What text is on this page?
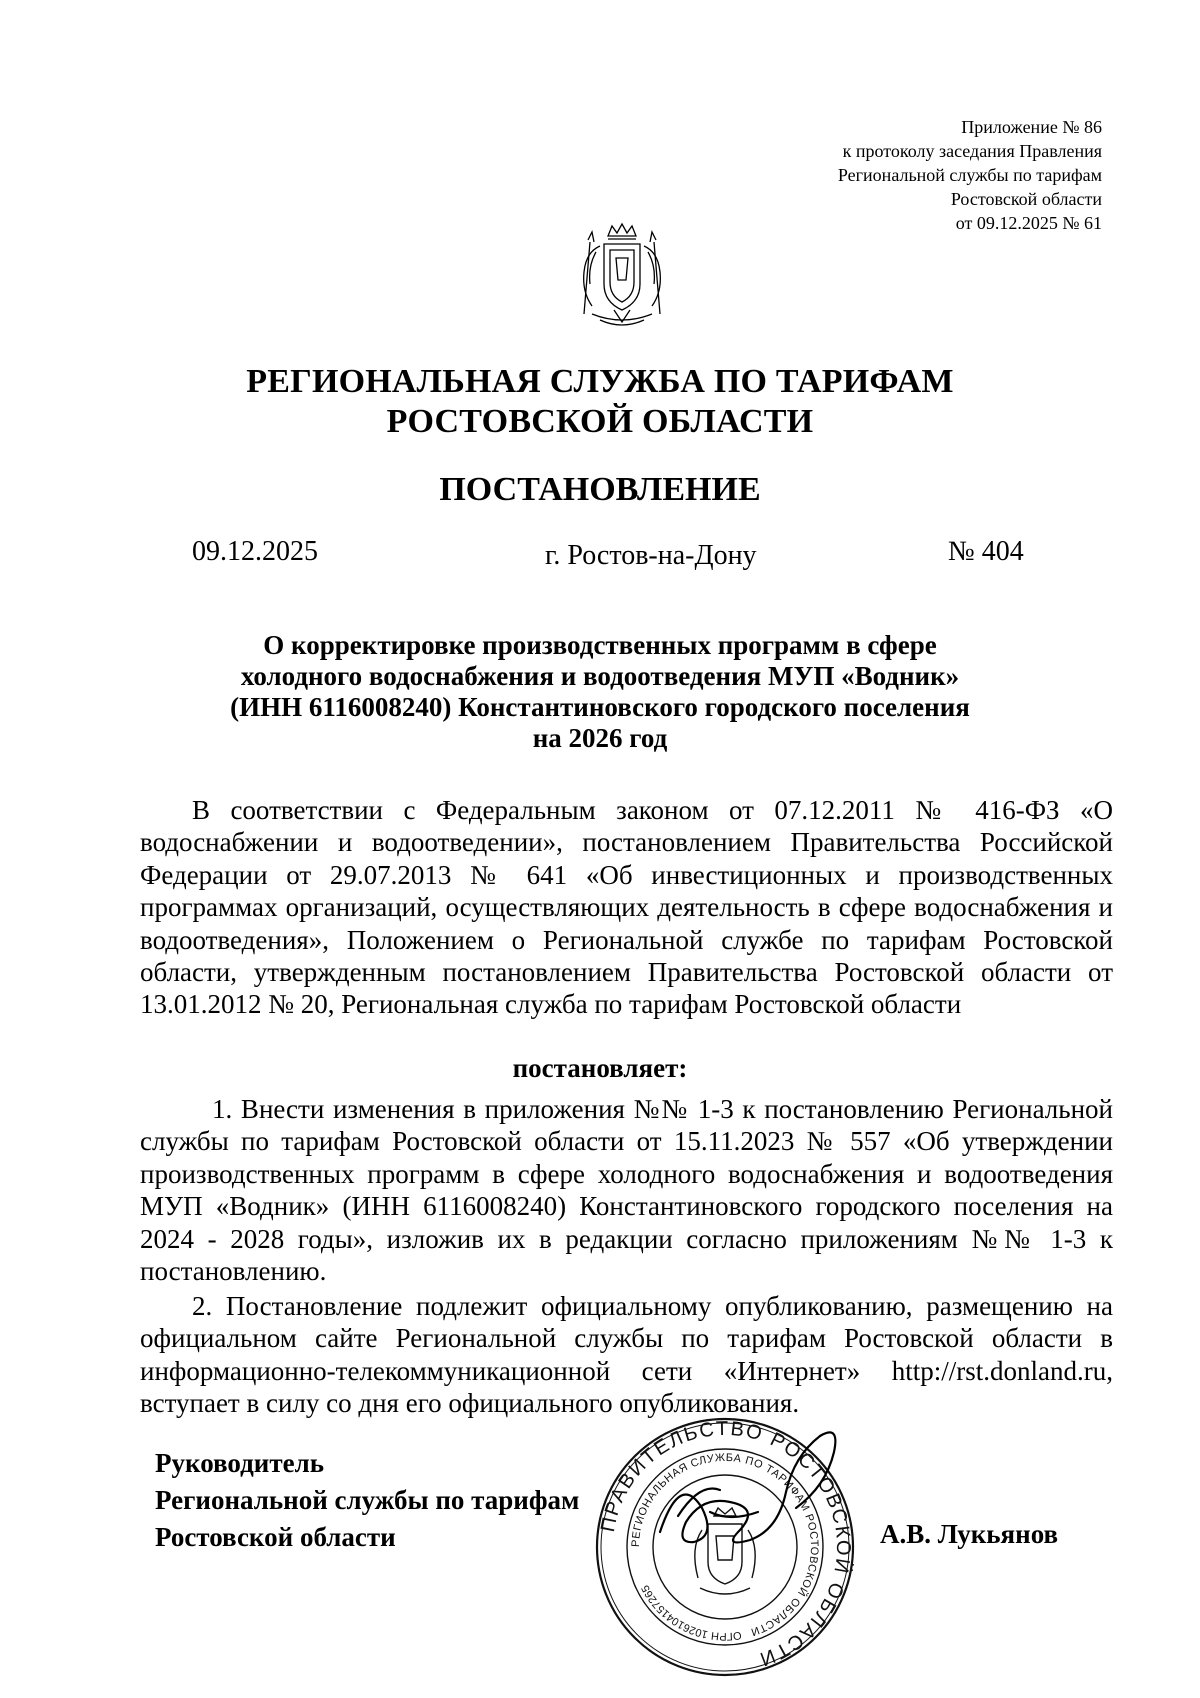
Приложение № 86
к протоколу заседания Правления
Региональной службы по тарифам
Ростовской области
от 09.12.2025 № 61
РЕГИОНАЛЬНАЯ СЛУЖБА ПО ТАРИФАМ
РОСТОВСКОЙ ОБЛАСТИ
ПОСТАНОВЛЕНИЕ
09.12.2025	г. Ростов-на-Дону	№ 404
О корректировке производственных программ в сфере
холодного водоснабжения и водоотведения МУП «Водник»
(ИНН 6116008240) Константиновского городского поселения
на 2026 год
В соответствии с Федеральным законом от 07.12.2011 № 416-ФЗ «О водоснабжении и водоотведении», постановлением Правительства Российской Федерации от 29.07.2013 № 641 «Об инвестиционных и производственных программах организаций, осуществляющих деятельность в сфере водоснабжения и водоотведения», Положением о Региональной службе по тарифам Ростовской области, утвержденным постановлением Правительства Ростовской области от 13.01.2012 № 20, Региональная служба по тарифам Ростовской области
постановляет:
1. Внести изменения в приложения №№ 1-3 к постановлению Региональной службы по тарифам Ростовской области от 15.11.2023 № 557 «Об утверждении производственных программ в сфере холодного водоснабжения и водоотведения МУП «Водник» (ИНН 6116008240) Константиновского городского поселения на 2024 - 2028 годы», изложив их в редакции согласно приложениям №№ 1-3 к постановлению.
2. Постановление подлежит официальному опубликованию, размещению на официальном сайте Региональной службы по тарифам Ростовской области в информационно-телекоммуникационной сети «Интернет» http://rst.donland.ru, вступает в силу со дня его официального опубликования.
Руководитель
Региональной службы по тарифам
Ростовской области	ПРАВИТЕЛЬСТВО РОСТОВСКОЙ ОБЛАСТИ
РЕГИОНАЛЬНАЯ СЛУЖБА ПО ТАРИФАМ РОСТОВСКОЙ ОБЛАСТИ
ОГРН 1026104157265
А.В. Лукьянов
